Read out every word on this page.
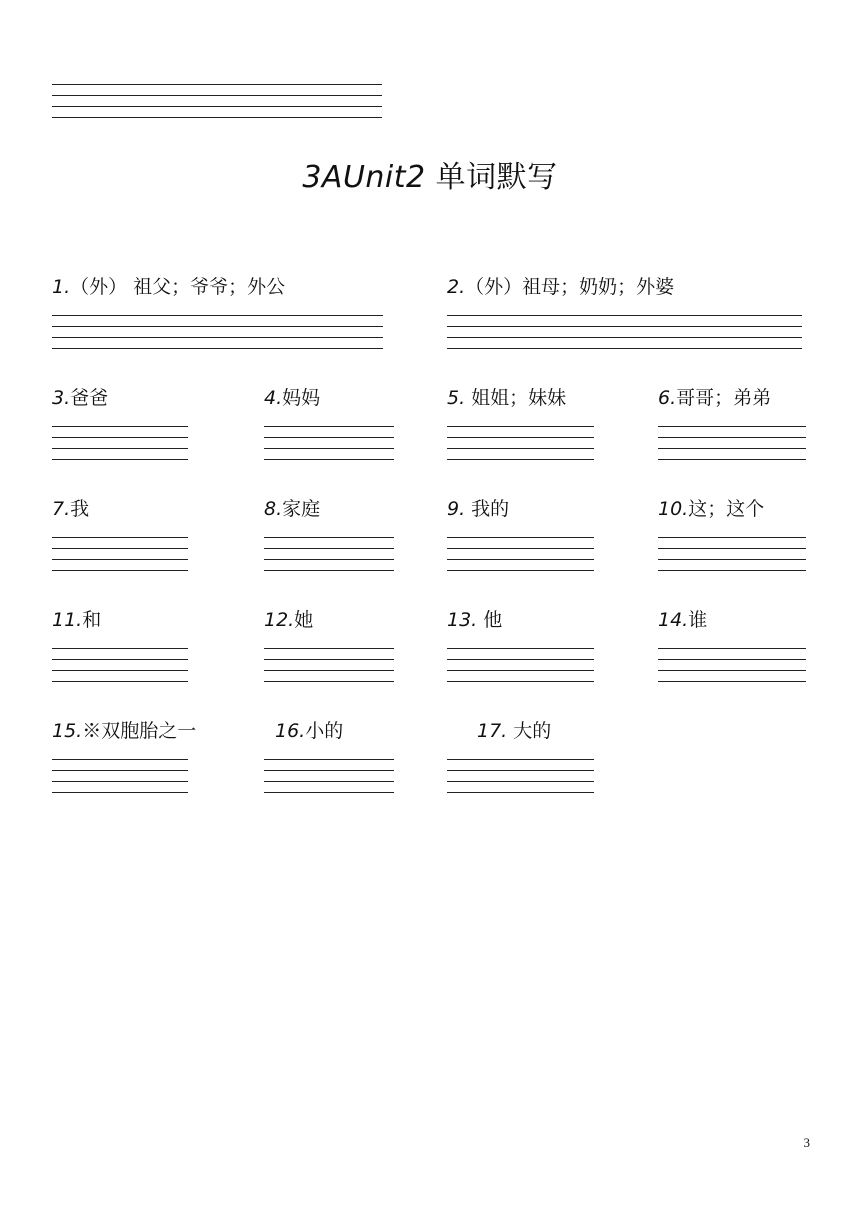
3AUnit2 单词默写
1.（外） 祖父；爷爷；外公	2.（外）祖母；奶奶；外婆
3.爸爸	4.妈妈	5. 姐姐；妹妹	6.哥哥；弟弟
7.我	8.家庭	9. 我的	10.这；这个
11.和	12.她	13. 他	14.谁
15.※双胞胎之一	16.小的	17. 大的
3
